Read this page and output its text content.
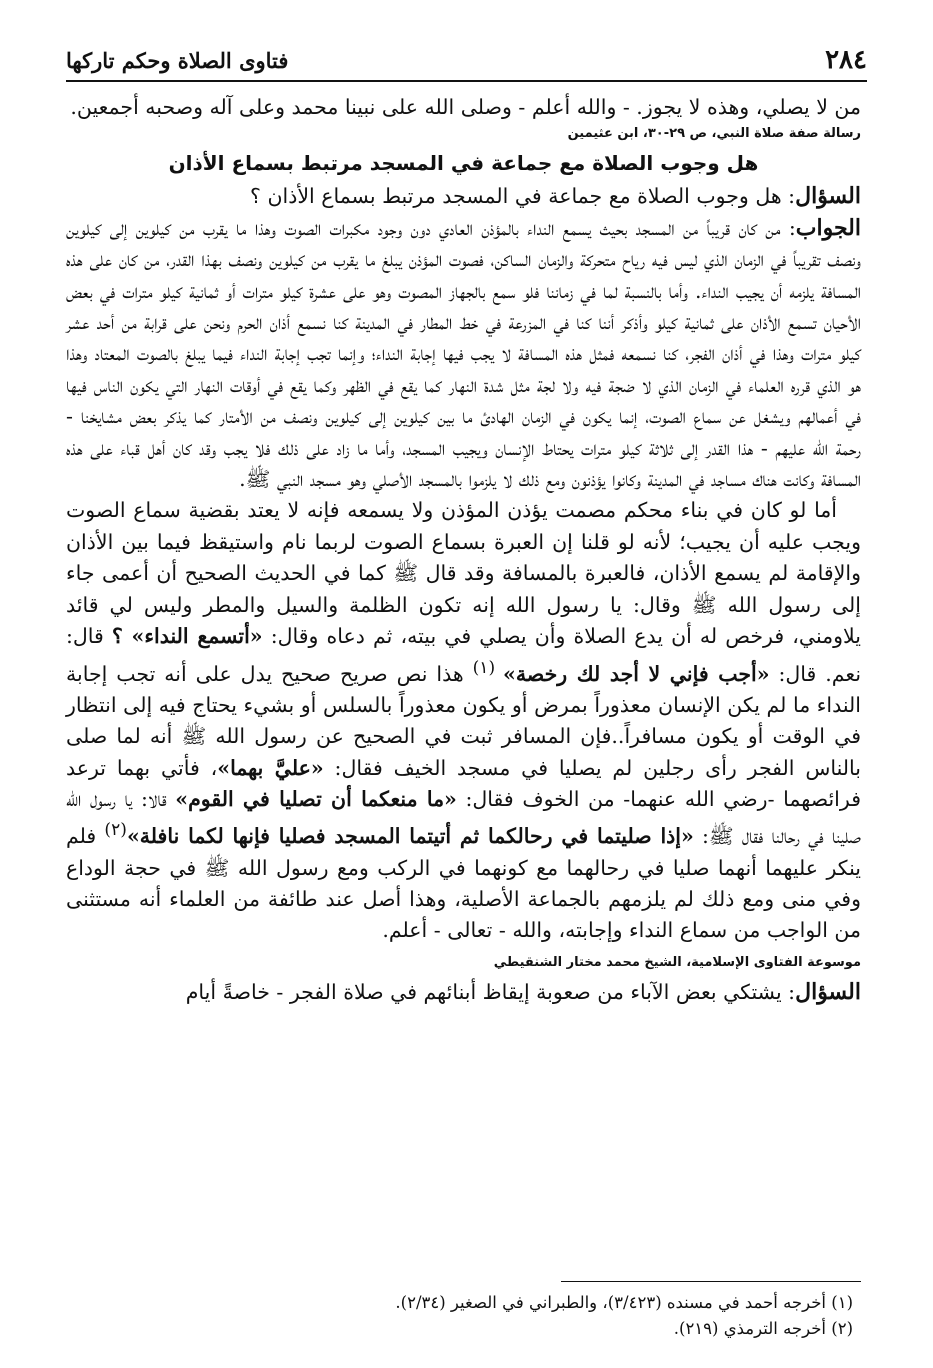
٢٨٤
فتاوى الصلاة وحكم تاركها

من لا يصلي، وهذه لا يجوز. - والله أعلم - وصلى الله على نبينا محمد وعلى آله وصحبه أجمعين.

رسالة صفة صلاة النبي، ص ٢٩-٣٠، ابن عثيمين
هل وجوب الصلاة مع جماعة في المسجد مرتبط بسماع الأذان

السؤال: هل وجوب الصلاة مع جماعة في المسجد مرتبط بسماع الأذان ؟

الجواب: من كان قريباً من المسجد بحيث يسمع النداء بالمؤذن العادي دون وجود مكبرات الصوت وهذا ما يقرب من كيلوين إلى كيلوين ونصف تقريباً في الزمان الذي ليس فيه رياح متحركة والزمان الساكن، فصوت المؤذن يبلغ ما يقرب من كيلوين ونصف بهذا القدر، من كان على هذه المسافة يلزمه أن يجيب النداء. وأما بالنسبة لما في زماننا فلو سمع بالجهاز المصوت وهو على عشرة كيلو مترات أو ثمانية كيلو مترات في بعض الأحيان تسمع الأذان على ثمانية كيلو وأذكر أننا كنا في المزرعة في خط المطار في المدينة كنا نسمع أذان الحرم ونحن على قرابة من أحد عشر كيلو مترات وهذا في أذان الفجر، كنا نسمعه فمثل هذه المسافة لا يجب فيها إجابة النداء؛ وإنما تجب إجابة النداء فيما يبلغ بالصوت المعتاد وهذا هو الذي قرره العلماء في الزمان الذي لا ضجة فيه ولا لجة مثل شدة النهار كما يقع في الظهر وكما يقع في أوقات النهار التي يكون الناس فيها في أعمالهم ويشغل عن سماع الصوت، إنما يكون في الزمان الهادئ ما بين كيلوين إلى كيلوين ونصف من الأمتار كما يذكر بعض مشايخنا - رحمة الله عليهم - هذا القدر إلى ثلاثة كيلو مترات يحتاط الإنسان ويجيب المسجد، وأما ما زاد على ذلك فلا يجب وقد كان أهل قباء على هذه المسافة وكانت هناك مساجد في المدينة وكانوا يؤذنون ومع ذلك لا يلزموا بالمسجد الأصلي وهو مسجد النبي ﷺ.

أما لو كان في بناء محكم مصمت يؤذن المؤذن ولا يسمعه فإنه لا يعتد بقضية سماع الصوت ويجب عليه أن يجيب؛ لأنه لو قلنا إن العبرة بسماع الصوت لربما نام واستيقظ فيما بين الأذان والإقامة لم يسمع الأذان، فالعبرة بالمسافة وقد قال ﷺ كما في الحديث الصحيح أن أعمى جاء إلى رسول الله ﷺ وقال: يا رسول الله إنه تكون الظلمة والسيل والمطر وليس لي قائد يلاومني، فرخص له أن يدع الصلاة وأن يصلي في بيته، ثم دعاه وقال: «أتسمع النداء» ؟ قال: نعم. قال: «أجب فإني لا أجد لك رخصة» $^{(١)}$ هذا نص صريح صحيح يدل على أنه تجب إجابة النداء ما لم يكن الإنسان معذوراً بمرض أو يكون معذوراً بالسلس أو بشيء يحتاج فيه إلى انتظار في الوقت أو يكون مسافراً..فإن المسافر ثبت في الصحيح عن رسول الله ﷺ أنه لما صلى بالناس الفجر رأى رجلين لم يصليا في مسجد الخيف فقال: «عليَّ بهما»، فأتي بهما ترعد فرائصهما -رضي الله عنهما- من الخوف فقال: «ما منعكما أن تصليا في القوم» قالا: يا رسول الله صلينا في رحالنا فقال ﷺ: «إذا صليتما في رحالكما ثم أتيتما المسجد فصليا فإنها لكما نافلة»$^{(٢)}$ فلم ينكر عليهما أنهما صليا في رحالهما مع كونهما في الركب ومع رسول الله ﷺ في حجة الوداع وفي منى ومع ذلك لم يلزمهم بالجماعة الأصلية، وهذا أصل عند طائفة من العلماء أنه مستثنى من الواجب من سماع النداء وإجابته، والله - تعالى - أعلم.

موسوعة الفتاوى الإسلامية، الشيخ محمد مختار الشنقيطي

السؤال: يشتكي بعض الآباء من صعوبة إيقاظ أبنائهم في صلاة الفجر - خاصةً أيام

(١) أخرجه أحمد في مسنده (٣/٤٢٣)، والطبراني في الصغير (٢/٣٤).
(٢) أخرجه الترمذي (٢١٩).
